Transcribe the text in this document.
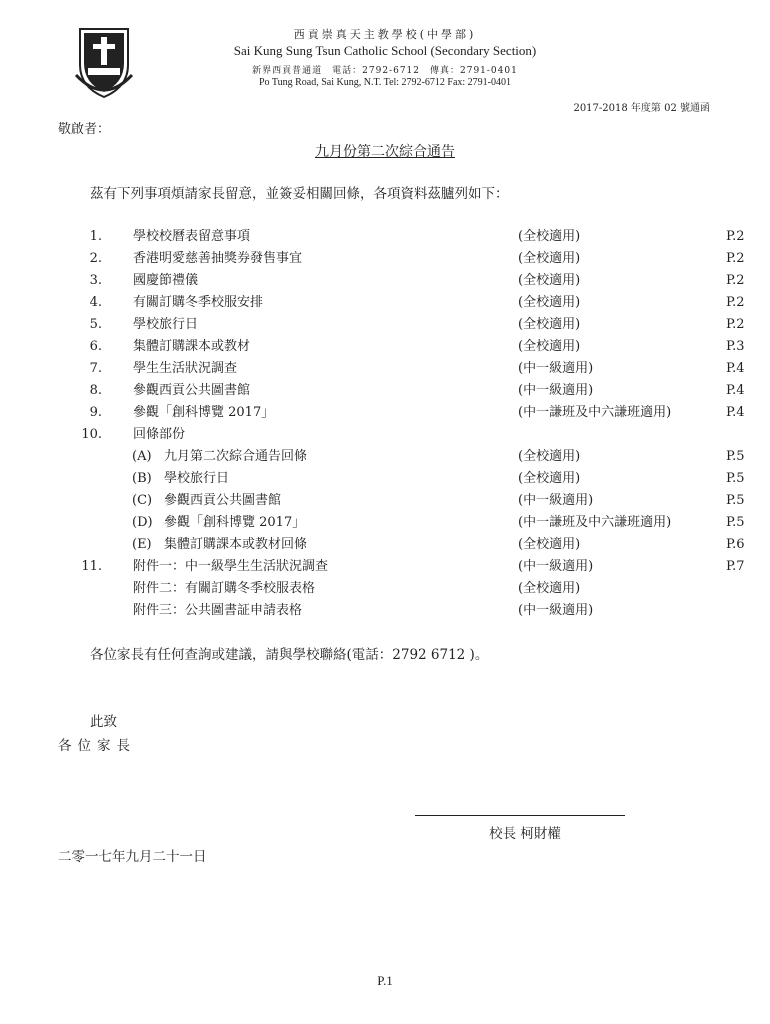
西貢崇真天主教學校(中學部)
Sai Kung Sung Tsun Catholic School (Secondary Section)
新界西貢普通道　電話：2792-6712　傳真：2791-0401
Po Tung Road, Sai Kung, N.T. Tel: 2792-6712 Fax: 2791-0401
2017-2018 年度第 02 號通函
敬啟者：
九月份第二次綜合通告
茲有下列事項煩請家長留意，並簽妥相關回條，各項資料茲臚列如下：
1. 學校校曆表留意事項	(全校適用)	P.2
2. 香港明愛慈善抽獎券發售事宜	(全校適用)	P.2
3. 國慶節禮儀	(全校適用)	P.2
4. 有關訂購冬季校服安排	(全校適用)	P.2
5. 學校旅行日	(全校適用)	P.2
6. 集體訂購課本或教材	(全校適用)	P.3
7. 學生生活狀況調查	(中一級適用)	P.4
8. 參觀西貢公共圖書館	(中一級適用)	P.4
9. 參觀「創科博覽 2017」	(中一謙班及中六謙班適用)	P.4
10. 回條部份
(A) 九月第二次綜合通告回條	(全校適用)	P.5
(B) 學校旅行日	(全校適用)	P.5
(C) 參觀西貢公共圖書館	(中一級適用)	P.5
(D) 參觀「創科博覽 2017」	(中一謙班及中六謙班適用)	P.5
(E) 集體訂購課本或教材回條	(全校適用)	P.6
11. 附件一：中一級學生生活狀況調查	(中一級適用)	P.7
附件二：有關訂購冬季校服表格	(全校適用)
附件三：公共圖書証申請表格	(中一級適用)
各位家長有任何查詢或建議，請與學校聯絡(電話：2792 6712 )。
此致
各位家長
校長 柯財權
二零一七年九月二十一日
P.1
